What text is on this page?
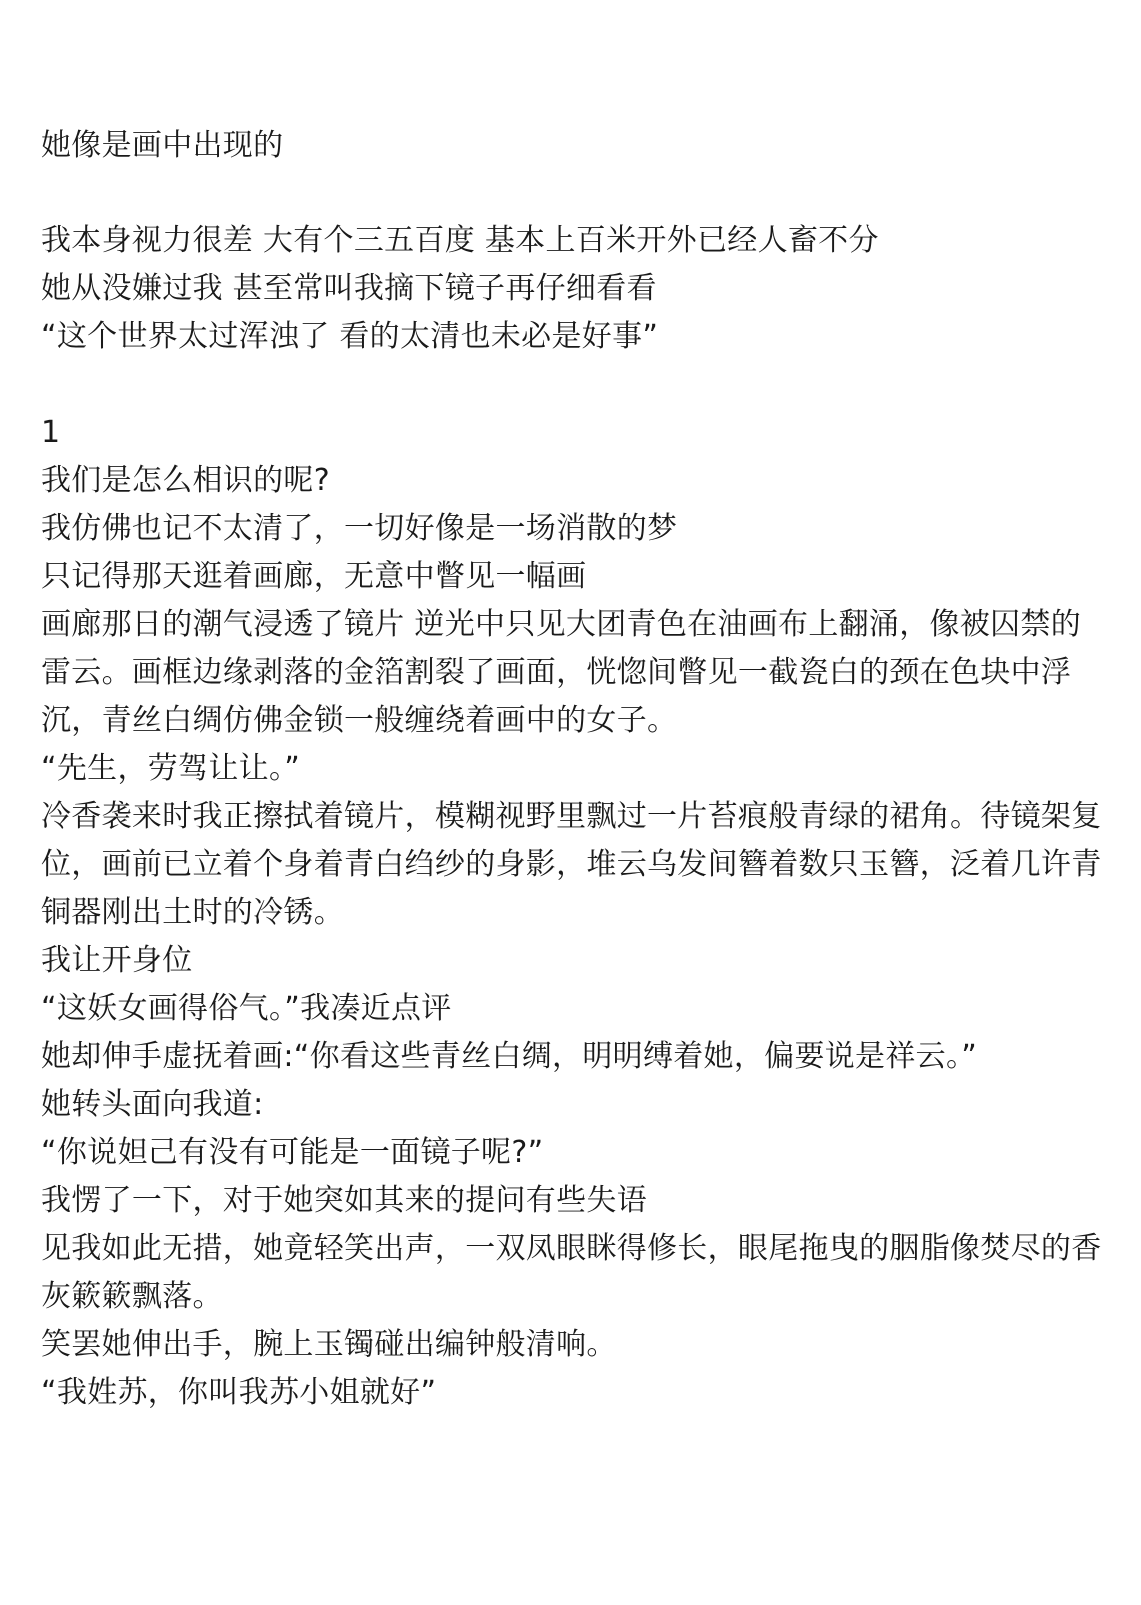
她像是画中出现的
我本身视力很差 大有个三五百度 基本上百米开外已经人畜不分
她从没嫌过我 甚至常叫我摘下镜子再仔细看看
“这个世界太过浑浊了 看的太清也未必是好事”
1
我们是怎么相识的呢?
我仿佛也记不太清了，一切好像是一场消散的梦
只记得那天逛着画廊，无意中瞥见一幅画
画廊那日的潮气浸透了镜片 逆光中只见大团青色在油画布上翻涌，像被囚禁的雷云。画框边缘剥落的金箔割裂了画面，恍惚间瞥见一截瓷白的颈在色块中浮沉，青丝白绸仿佛金锁一般缠绕着画中的女子。
“先生，劳驾让让。”
冷香袭来时我正擦拭着镜片，模糊视野里飘过一片苔痕般青绿的裙角。待镜架复位，画前已立着个身着青白绉纱的身影，堆云乌发间簪着数只玉簪，泛着几许青铜器刚出土时的冷锈。
我让开身位
“这妖女画得俗气。”我凑近点评
她却伸手虚抚着画:“你看这些青丝白绸，明明缚着她，偏要说是祥云。”
她转头面向我道:
“你说妲己有没有可能是一面镜子呢?”
我愣了一下，对于她突如其来的提问有些失语
见我如此无措，她竟轻笑出声，一双凤眼眯得修长，眼尾拖曳的胭脂像焚尽的香灰簌簌飘落。
笑罢她伸出手，腕上玉镯碰出编钟般清响。
“我姓苏，你叫我苏小姐就好”
